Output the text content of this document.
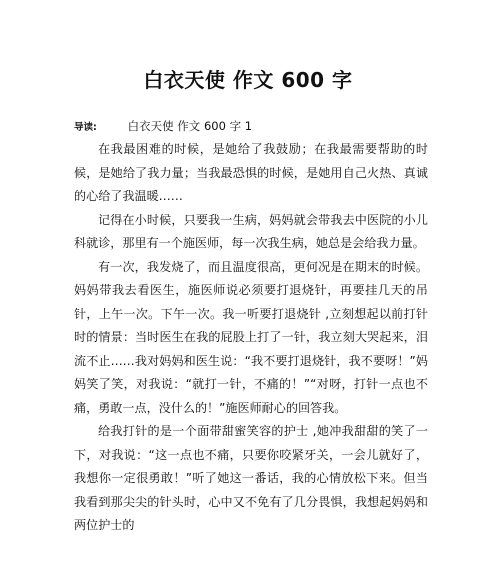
白衣天使 作文 600 字
导读:	白衣天使 作文 600 字 1

在我最困难的时候，是她给了我鼓励；在我最需要帮助的时候，是她给了我力量；当我最恐惧的时候，是她用自己火热、真诚的心给了我温暖……

记得在小时候，只要我一生病，妈妈就会带我去中医院的小儿科就诊，那里有一个施医师，每一次我生病，她总是会给我力量。

有一次，我发烧了，而且温度很高，更何况是在期末的时候。妈妈带我去看医生，施医师说必须要打退烧针，再要挂几天的吊针，上午一次。下午一次。我一听要打退烧针 ,立刻想起以前打针时的情景：当时医生在我的屁股上打了一针，我立刻大哭起来，泪流不止……我对妈妈和医生说：“我不要打退烧针，我不要呀！”妈妈笑了笑，对我说：“就打一针，不痛的！”“对呀，打针一点也不痛，勇敢一点，没什么的！”施医师耐心的回答我。

给我打针的是一个面带甜蜜笑容的护士 ,她冲我甜甜的笑了一下，对我说：“这一点也不痛，只要你咬紧牙关，一会儿就好了，我想你一定很勇敢！”听了她这一番话，我的心情放松下来。但当我看到那尖尖的针头时，心中又不免有了几分畏惧，我想起妈妈和两位护士的
